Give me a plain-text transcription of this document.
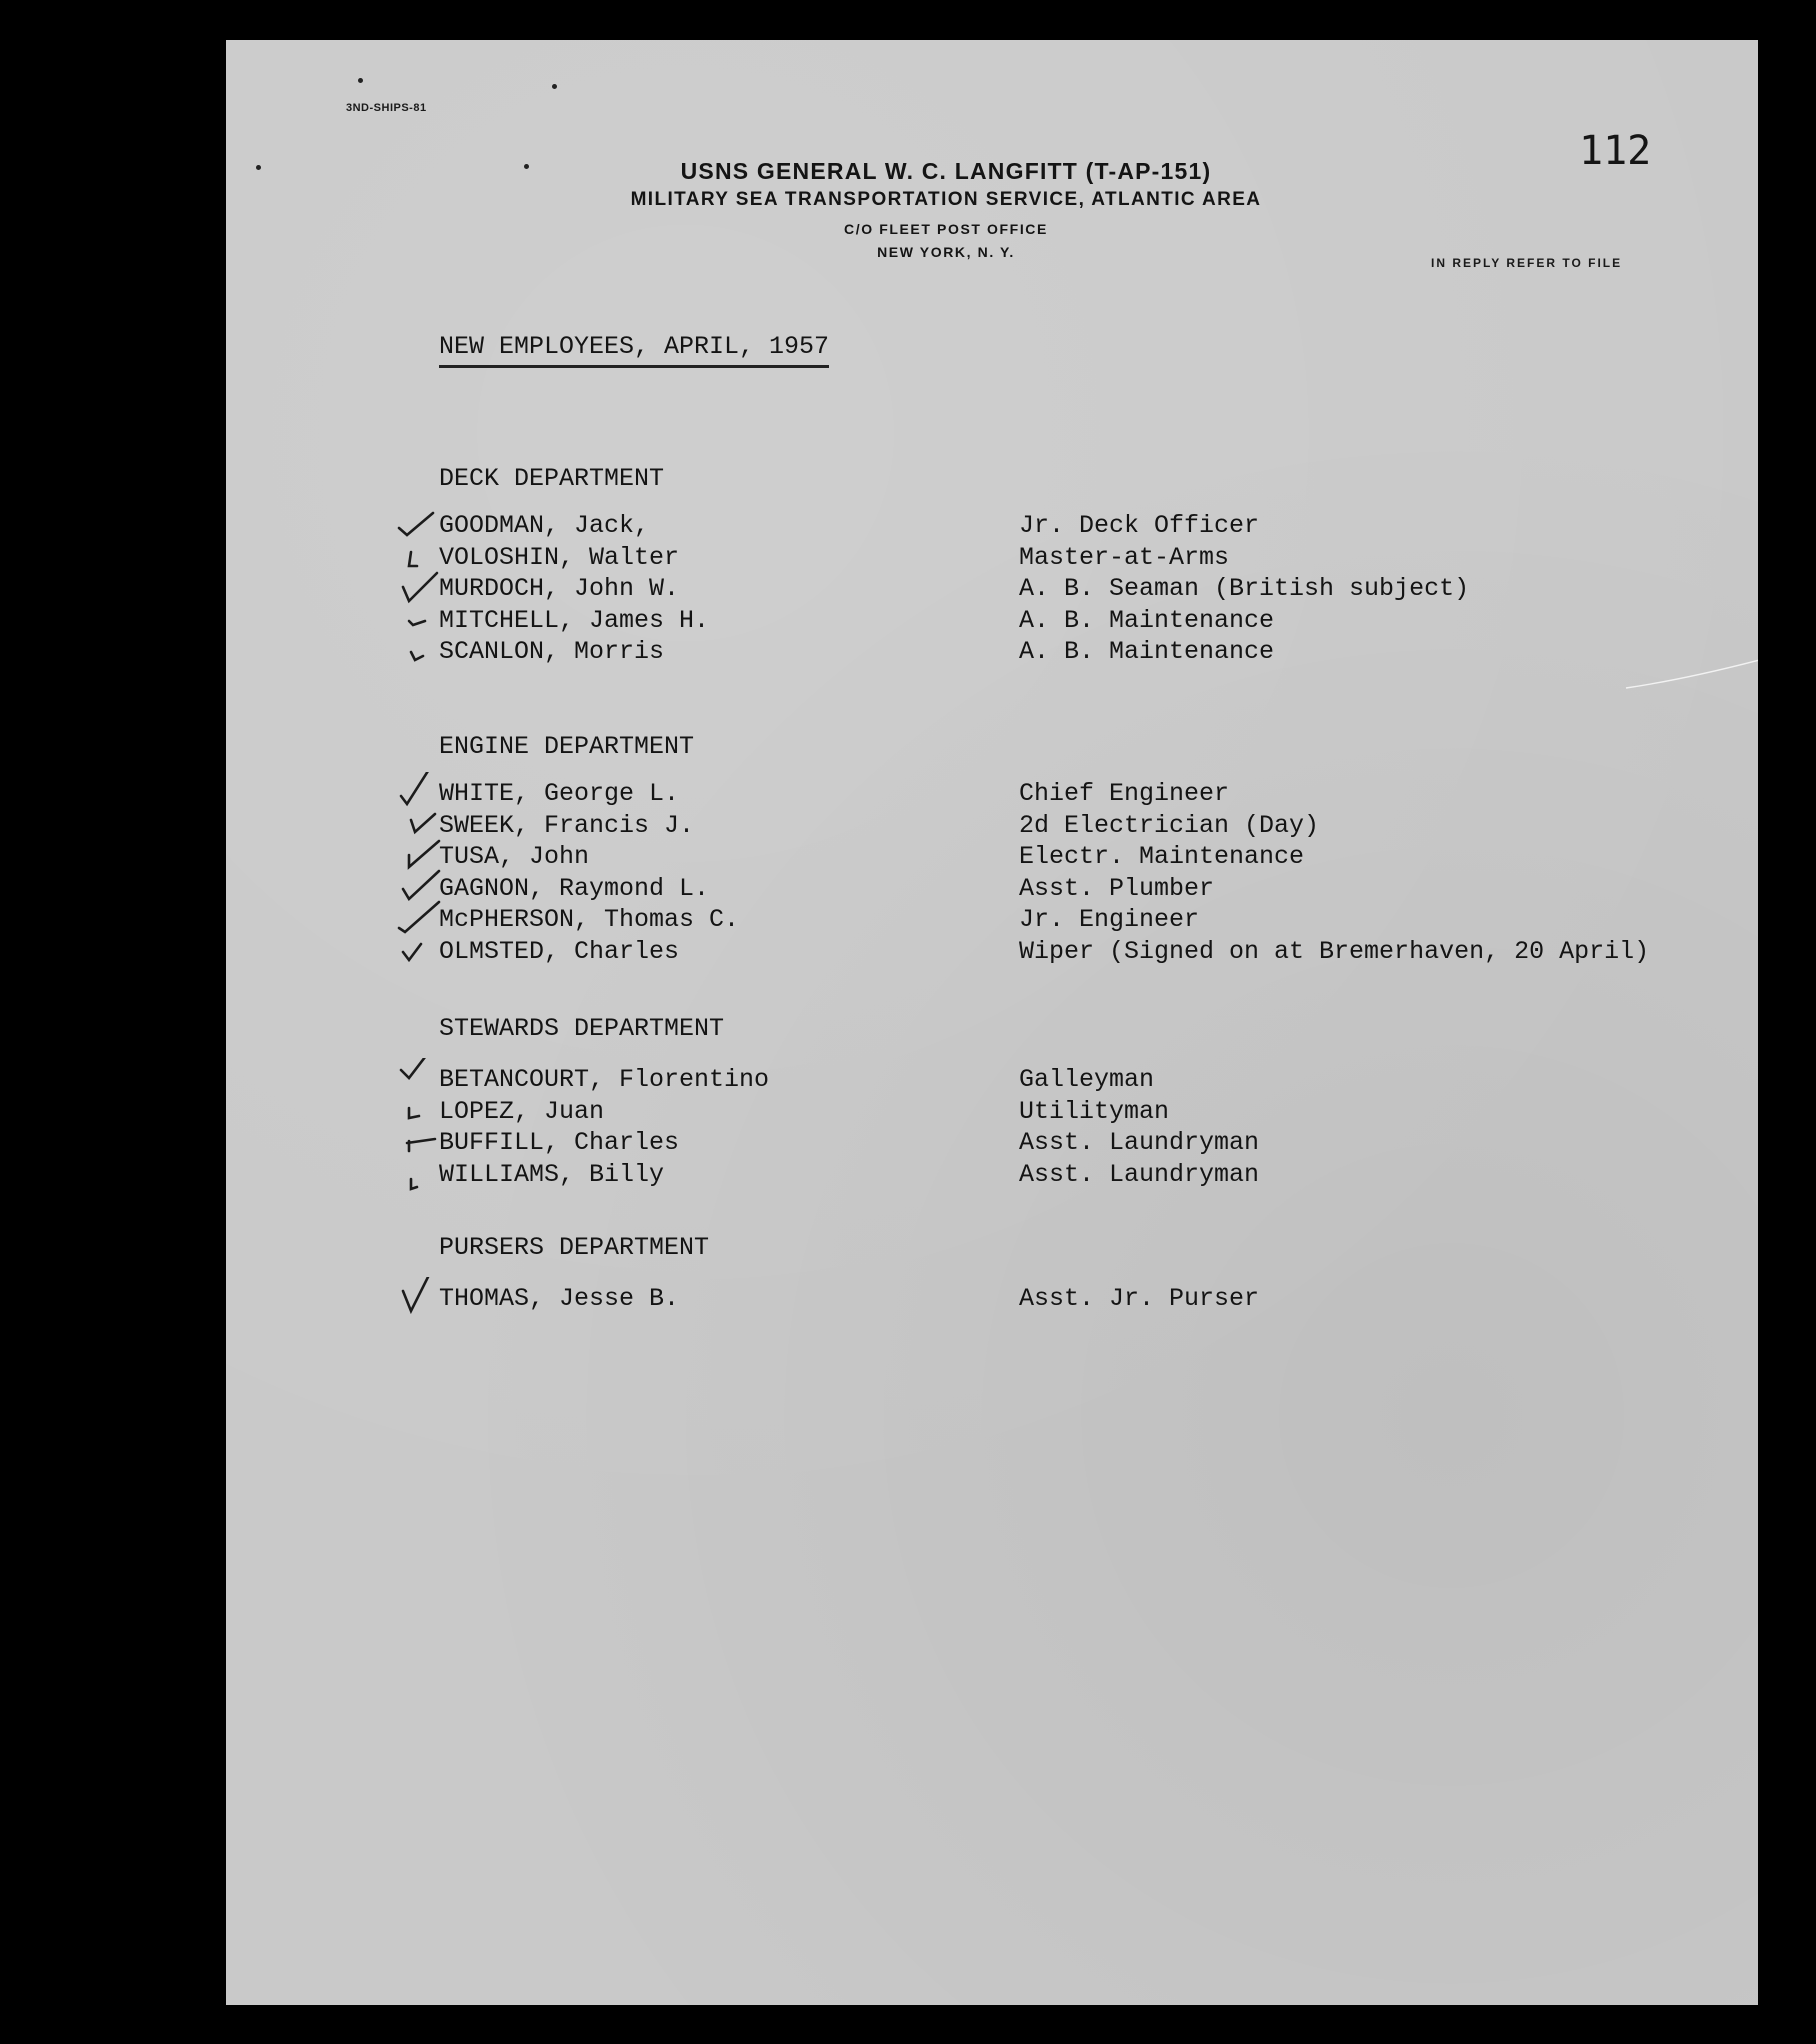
3ND-SHIPS-81
112
USNS GENERAL W. C. LANGFITT (T-AP-151)
MILITARY SEA TRANSPORTATION SERVICE, ATLANTIC AREA
C/O FLEET POST OFFICE
NEW YORK, N. Y.
IN REPLY REFER TO FILE
NEW EMPLOYEES, APRIL, 1957
DECK DEPARTMENT
GOODMAN, Jack,	Jr. Deck Officer
VOLOSHIN, Walter	Master-at-Arms
MURDOCH, John W.	A. B. Seaman (British subject)
MITCHELL, James H.	A. B. Maintenance
SCANLON, Morris	A. B. Maintenance
ENGINE DEPARTMENT
WHITE, George L.	Chief Engineer
SWEEK, Francis J.	2d Electrician (Day)
TUSA, John	Electr. Maintenance
GAGNON, Raymond L.	Asst. Plumber
McPHERSON, Thomas C.	Jr. Engineer
OLMSTED, Charles	Wiper (Signed on at Bremerhaven, 20 April)
STEWARDS DEPARTMENT
BETANCOURT, Florentino	Galleyman
LOPEZ, Juan	Utilityman
BUFFILL, Charles	Asst. Laundryman
WILLIAMS, Billy	Asst. Laundryman
PURSERS DEPARTMENT
THOMAS, Jesse B.	Asst. Jr. Purser
